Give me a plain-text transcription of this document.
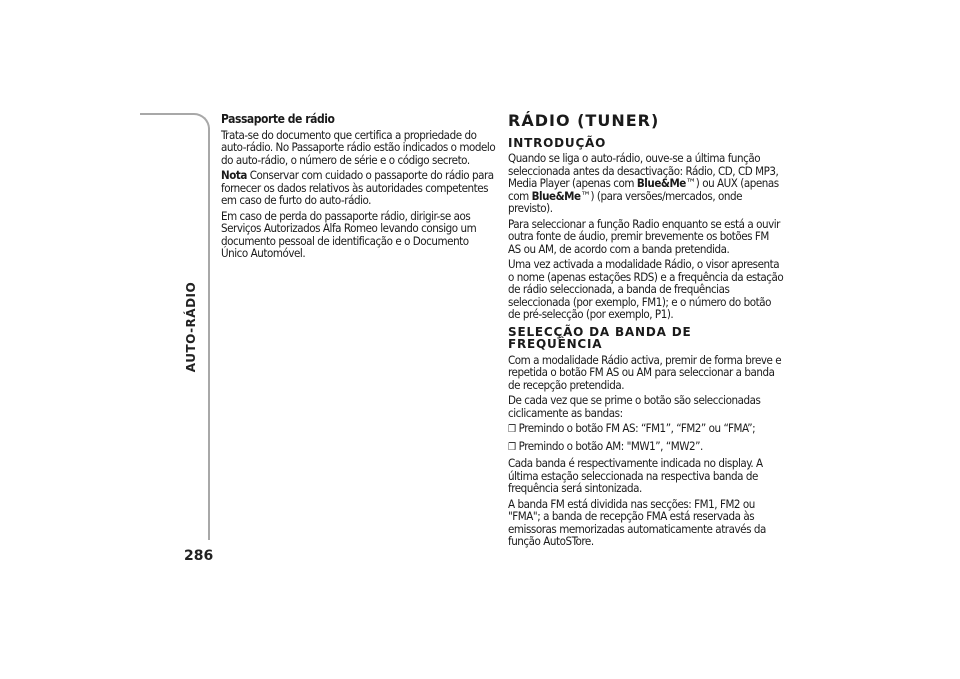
AUTO-RÁDIO
286
Passaporte de rádio

Trata-se do documento que certifica a propriedade do auto-rádio. No Passaporte rádio estão indicados o modelo do auto-rádio, o número de série e o código secreto.

Nota Conservar com cuidado o passaporte do rádio para fornecer os dados relativos às autoridades competentes em caso de furto do auto-rádio.

Em caso de perda do passaporte rádio, dirigir-se aos Serviços Autorizados Alfa Romeo levando consigo um documento pessoal de identificação e o Documento Único Automóvel.

RÁDIO (TUNER)
INTRODUÇÃO

Quando se liga o auto-rádio, ouve-se a última função seleccionada antes da desactivação: Rádio, CD, CD MP3, Media Player (apenas com Blue&Me™) ou AUX (apenas com Blue&Me™) (para versões/mercados, onde previsto).

Para seleccionar a função Radio enquanto se está a ouvir outra fonte de áudio, premir brevemente os botões FM AS ou AM, de acordo com a banda pretendida.

Uma vez activada a modalidade Rádio, o visor apresenta o nome (apenas estações RDS) e a frequência da estação de rádio seleccionada, a banda de frequências seleccionada (por exemplo, FM1); e o número do botão de pré-selecção (por exemplo, P1).

SELECÇÃO DA BANDA DE FREQUÊNCIA

Com a modalidade Rádio activa, premir de forma breve e repetida o botão FM AS ou AM para seleccionar a banda de recepção pretendida.

De cada vez que se prime o botão são seleccionadas ciclicamente as bandas:

❒ Premindo o botão FM AS: “FM1”, “FM2” ou “FMA”;

❒ Premindo o botão AM: "MW1”, “MW2”.

Cada banda é respectivamente indicada no display. A última estação seleccionada na respectiva banda de frequência será sintonizada.

A banda FM está dividida nas secções: FM1, FM2 ou "FMA"; a banda de recepção FMA está reservada às emissoras memorizadas automaticamente através da função AutoSTore.
